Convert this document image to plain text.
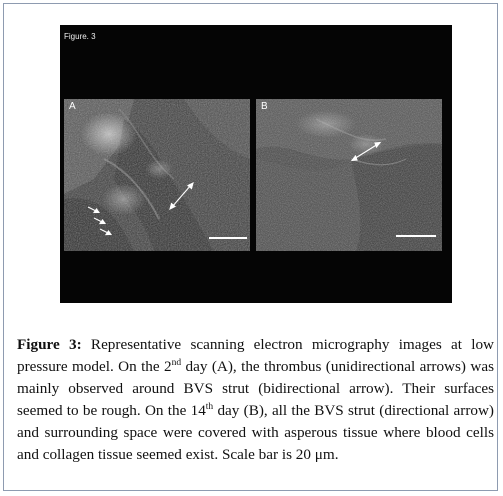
Figure. 3
A	B

Figure 3: Representative scanning electron micrography images at low pressure model. On the 2nd day (A), the thrombus (unidirectional arrows) was mainly observed around BVS strut (bidirectional arrow). Their surfaces seemed to be rough. On the 14th day (B), all the BVS strut (directional arrow) and surrounding space were covered with asperous tissue where blood cells and collagen tissue seemed exist. Scale bar is 20 μm.
